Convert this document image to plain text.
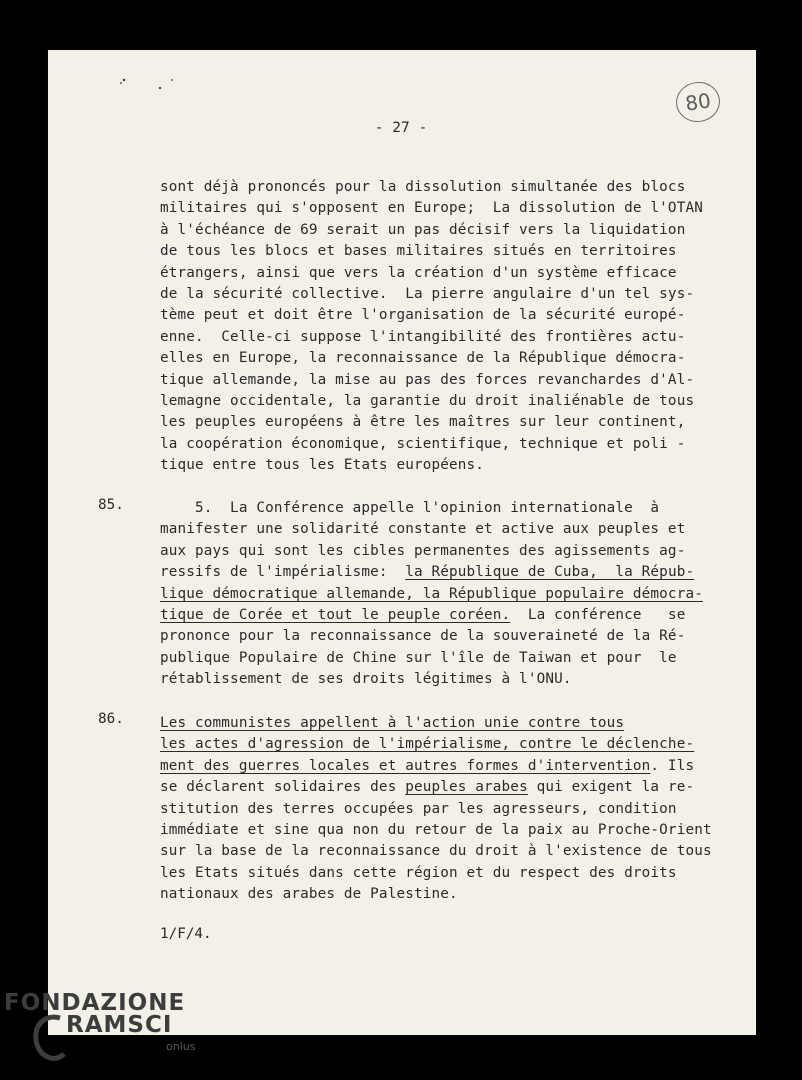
80
- 27 -
sont déjà prononcés pour la dissolution simultanée des blocs
militaires qui s'opposent en Europe;  La dissolution de l'OTAN
à l'échéance de 69 serait un pas décisif vers la liquidation
de tous les blocs et bases militaires situés en territoires
étrangers, ainsi que vers la création d'un système efficace
de la sécurité collective.  La pierre angulaire d'un tel sys-
tème peut et doit être l'organisation de la sécurité europé-
enne.  Celle-ci suppose l'intangibilité des frontières actu-
elles en Europe, la reconnaissance de la République démocra-
tique allemande, la mise au pas des forces revanchardes d'Al-
lemagne occidentale, la garantie du droit inaliénable de tous
les peuples européens à être les maîtres sur leur continent,
la coopération économique, scientifique, technique et poli -
tique entre tous les Etats européens.
85.	5.  La Conférence appelle l'opinion internationale  à
manifester une solidarité constante et active aux peuples et
aux pays qui sont les cibles permanentes des agissements ag-
ressifs de l'impérialisme:  la République de Cuba,  la Répub-
lique démocratique allemande, la République populaire démocra-
tique de Corée et tout le peuple coréen.  La conférence   se
prononce pour la reconnaissance de la souveraineté de la Ré-
publique Populaire de Chine sur l'île de Taiwan et pour  le
rétablissement de ses droits légitimes à l'ONU.
86.	Les communistes appellent à l'action unie contre tous
les actes d'agression de l'impérialisme, contre le déclenche-
ment des guerres locales et autres formes d'intervention. Ils
se déclarent solidaires des peuples arabes qui exigent la re-
stitution des terres occupées par les agresseurs, condition
immédiate et sine qua non du retour de la paix au Proche-Orient
sur la base de la reconnaissance du droit à l'existence de tous
les Etats situés dans cette région et du respect des droits
nationaux des arabes de Palestine.
1/F/4.
FONDAZIONE
RAMSCI
onlus
